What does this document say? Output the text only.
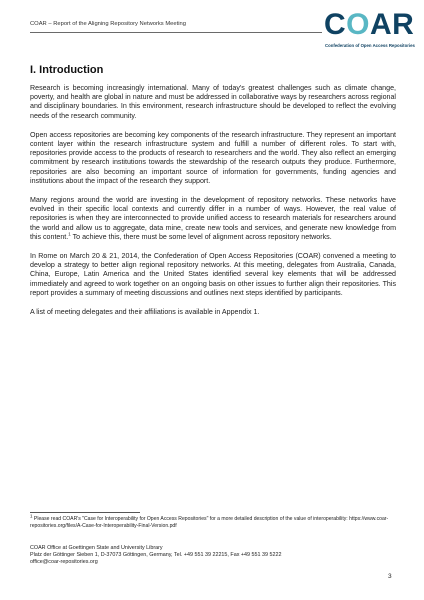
COAR – Report of the Aligning Repository Networks Meeting	COAR
Confederation of Open Access Repositories
I. Introduction

Research is becoming increasingly international. Many of today's greatest challenges such as climate change, poverty, and health are global in nature and must be addressed in collaborative ways by researchers across regional and disciplinary boundaries. In this environment, research infrastructure should be developed to reflect the evolving needs of the research community.

Open access repositories are becoming key components of the research infrastructure. They represent an important content layer within the research infrastructure system and fulfill a number of different roles. To start with, repositories provide access to the products of research to researchers and the world. They also reflect an emerging commitment by research institutions towards the stewardship of the research outputs they produce. Furthermore, repositories are also becoming an important source of information for governments, funding agencies and institutions about the impact of the research they support.

Many regions around the world are investing in the development of repository networks. These networks have evolved in their specific local contexts and currently differ in a number of ways. However, the real value of repositories is when they are interconnected to provide unified access to research materials for researchers around the world and allow us to aggregate, data mine, create new tools and services, and generate new knowledge from this content.$^1$ To achieve this, there must be some level of alignment across repository networks.

In Rome on March 20 & 21, 2014, the Confederation of Open Access Repositories (COAR) convened a meeting to develop a strategy to better align regional repository networks. At this meeting, delegates from Australia, Canada, China, Europe, Latin America and the United States identified several key elements that will be addressed immediately and agreed to work together on an ongoing basis on other issues to further align their repositories. This report provides a summary of meeting discussions and outlines next steps identified by participants.

A list of meeting delegates and their affiliations is available in Appendix 1.

$^1$ Please read COAR's "Case for Interoperability for Open Access Repositories" for a more detailed description of the value of interoperability: https://www.coar-repositories.org/files/A-Case-for-Interoperability-Final-Version.pdf
COAR Office at Goettingen State and University Library
Platz der Göttinger Sieben 1, D-37073 Göttingen, Germany, Tel. +49 551 39 22215, Fax +49 551 39 5222
office@coar-repositories.org
3
